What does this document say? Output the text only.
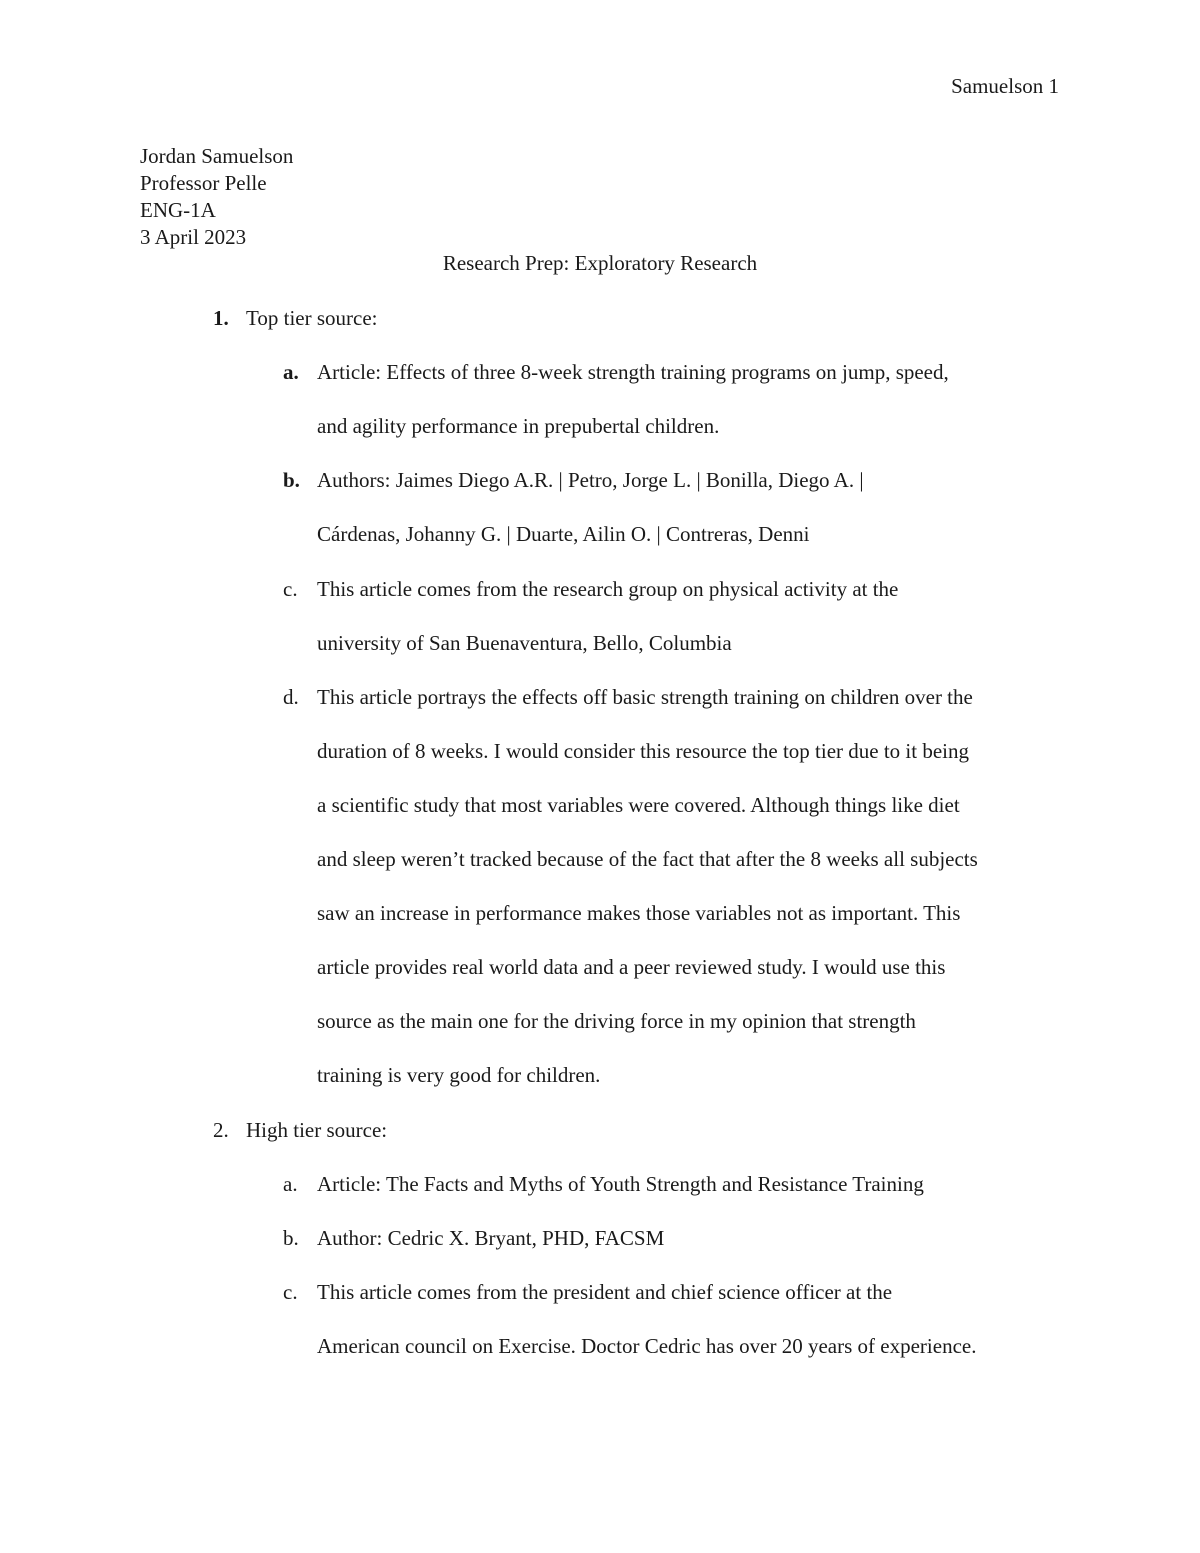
Samuelson 1
Jordan Samuelson
Professor Pelle
ENG-1A
3 April 2023
Research Prep: Exploratory Research
1. Top tier source:
a. Article: Effects of three 8-week strength training programs on jump, speed,
and agility performance in prepubertal children.
b. Authors: Jaimes Diego A.R. | Petro, Jorge L. | Bonilla, Diego A. |
Cárdenas, Johanny G. | Duarte, Ailin O. | Contreras, Denni
c. This article comes from the research group on physical activity at the
university of San Buenaventura, Bello, Columbia
d. This article portrays the effects off basic strength training on children over the
duration of 8 weeks. I would consider this resource the top tier due to it being
a scientific study that most variables were covered. Although things like diet
and sleep weren’t tracked because of the fact that after the 8 weeks all subjects
saw an increase in performance makes those variables not as important. This
article provides real world data and a peer reviewed study. I would use this
source as the main one for the driving force in my opinion that strength
training is very good for children.
2. High tier source:
a. Article: The Facts and Myths of Youth Strength and Resistance Training
b. Author: Cedric X. Bryant, PHD, FACSM
c. This article comes from the president and chief science officer at the
American council on Exercise. Doctor Cedric has over 20 years of experience.
